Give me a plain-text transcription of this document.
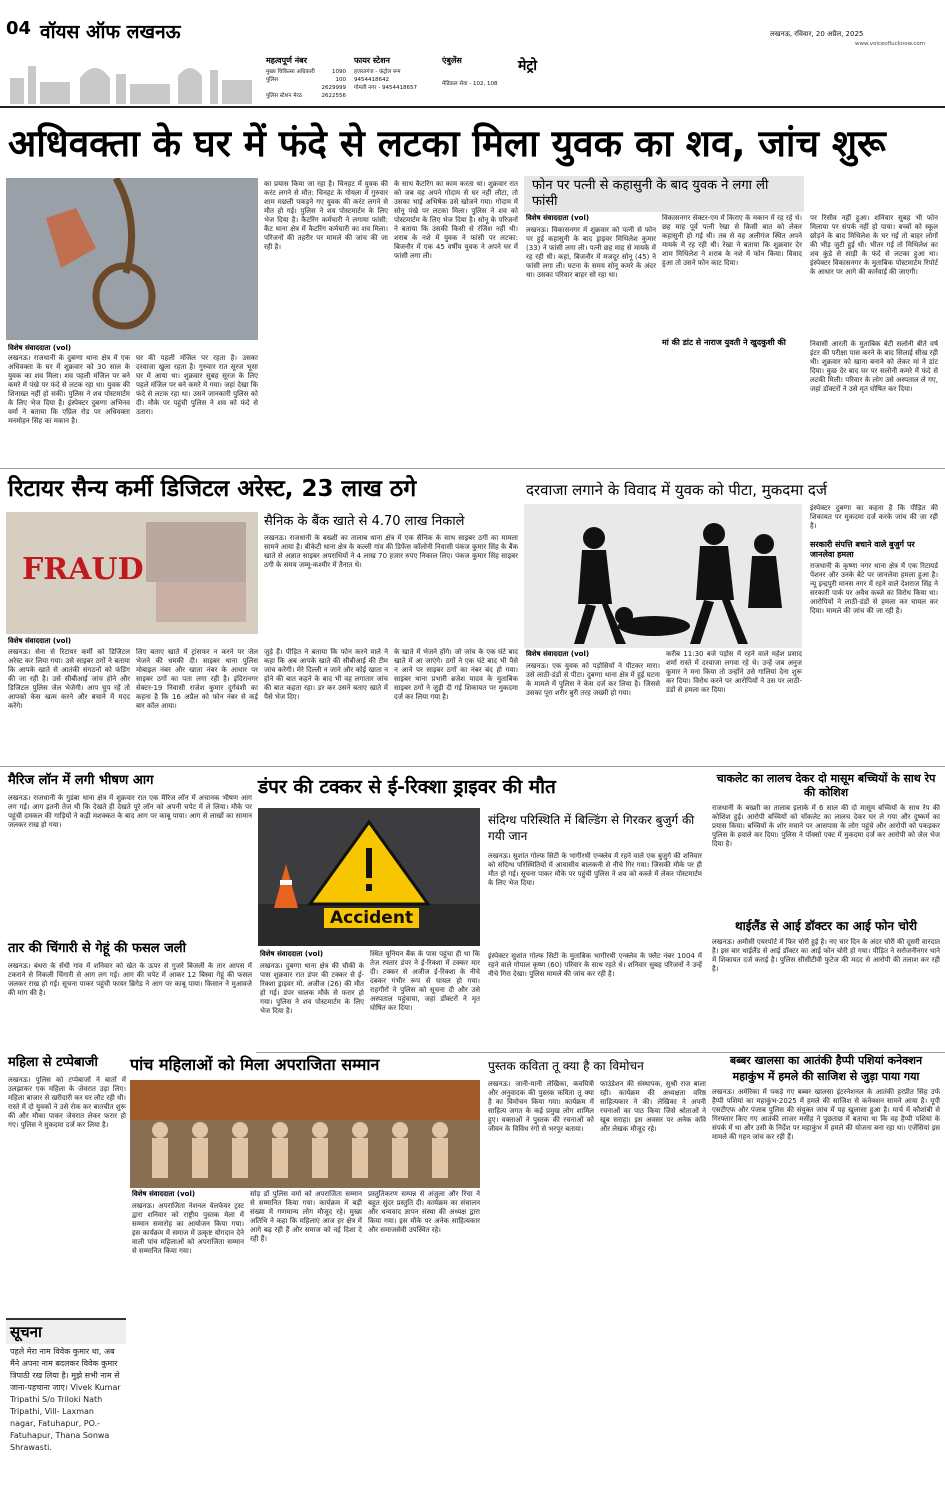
04 वॉयस ऑफ लखनऊ
महत्वपूर्ण नंबर
मुख्य चिकित्सा अधिकारी	1090
पुलिस	100
2629999
पुलिस स्टेशन मेरठ	2622556
फायर स्टेशन
हजरतगंज - कंट्रोल रूम
9454418642
गोमती नगर - 9454418657
एंबुलेंस
मेडिकल सेवा - 102, 108
मेट्रो
लखनऊ, रविवार, 20 अप्रैल, 2025
www.voiceoflucknow.com
अधिवक्ता के घर में फंदे से लटका मिला युवक का शव, जांच शुरू
विशेष संवाददाता (vol)
लखनऊ। राजधानी के दुबग्गा थाना क्षेत्र में एक अधिवक्ता के घर में शुक्रवार को 30 साल के युवक का शव मिला। शव पहली मंजिल पर बने कमरे में पंखे पर फंदे से लटक रहा था। युवक की शिनाख्त नहीं हो सकी। पुलिस ने शव पोस्टमार्टम के लिए भेज दिया है। इंस्पेक्टर दुबग्गा अभिनव वर्मा ने बताया कि एप्रिल रोड पर अधिवक्ता मनमोहन सिंह का मकान है।
घर की पहली मंजिल पर रहता है। उसका दरवाजा खुला रहता है। गुरुवार रात सूरज भूसा घर में आया था। शुक्रवार सुबह सूरज के लिए पहले मंजिल पर बने कमरे में गया। जहां देखा कि फंदे से लटक रहा था। उसने जानकारी पुलिस को दी। मौके पर पहुंची पुलिस ने शव को फंदे से उतारा।
का प्रयास किया जा रहा है। चिनहट में युवक की करंट लगने से मौत: चिनहट के गोयला में गुरुवार शाम मछली पकड़ने गए युवक की करंट लगने से मौत हो गई। पुलिस ने शव पोस्टमार्टम के लिए भेज दिया है। कैटरिंग कर्मचारी ने लगाया फांसी: कैंट थाना क्षेत्र में कैटरिंग कर्मचारी का शव मिला। परिजनों की तहरीर पर मामले की जांच की जा रही है।
के साथ कैटरिंग का काम करता था। शुक्रवार रात को जब वह अपने गोदाम से घर नहीं लौटा, तो उसका भाई अभिषेक उसे खोजने गया। गोदाम में सोनू पंखे पर लटका मिला। पुलिस ने शव को पोस्टमार्टम के लिए भेज दिया है। सोनू के परिजनों ने बताया कि उसकी किसी से रंजिश नहीं थी। शराब के नशे में युवक ने फांसी पर लटका: बिजनौर में एक 45 वर्षीय युवक ने अपने घर में फांसी लगा ली।
फोन पर पत्नी से कहासुनी के बाद युवक ने लगा ली फांसी
विशेष संवाददाता (vol)
लखनऊ। विकासनगर में शुक्रवार को पत्नी से फोन पर हुई कहासुनी के बाद ड्राइवर मिथिलेश कुमार (33) ने फांसी लगा ली। पत्नी छह माह से मायके में रह रही थी। कहां, बिजनौर में मजदूर सोनू (45) ने फांसी लगा ली। घटना के समय सोनू कमरे के अंदर था। उसका परिवार बाहर सो रहा था।
विकासनगर सेक्टर-एम में किराए के मकान में रह रहे थे। छह माह पूर्व पत्नी रेखा से किसी बात को लेकर कहासुनी हो गई थी। तब से वह अलीगंज स्थित अपने मायके में रह रही थी। रेखा ने बताया कि शुक्रवार देर शाम मिथिलेश ने शराब के नशे में फोन किया। विवाद हुआ तो उसने फोन काट दिया।
मां की डांट से नाराज युवती ने खुदकुशी की
पर रिसीव नहीं हुआ। शनिवार सुबह भी फोन मिलाया पर संपर्क नहीं हो पाया। बच्चों को स्कूल छोड़ने के बाद मिथिलेश के घर गई तो बाहर लोगों की भीड़ जुटी हुई थी। भीतर गई तो मिथिलेश का शव कुंडे से साड़ी के फंदे से लटका हुआ था। इंस्पेक्टर विकासनगर के मुताबिक पोस्टमार्टम रिपोर्ट के आधार पर आगे की कार्रवाई की जाएगी।
निवासी आरती के मुताबिक बेटी सलोनी बीते वर्ष इंटर की परीक्षा पास करने के बाद सिलाई सीख रही थी। शुक्रवार को खाना बनाने को लेकर मां ने डांट दिया। कुछ देर बाद घर पर सलोनी कमरे में फंदे से लटकी मिली। परिवार के लोग उसे अस्पताल ले गए, जहां डॉक्टरों ने उसे मृत घोषित कर दिया।
रिटायर सैन्य कर्मी डिजिटल अरेस्ट, 23 लाख ठगे
FRAUD
विशेष संवाददाता (vol)
सैनिक के बैंक खाते से 4.70 लाख निकाले
लखनऊ। राजधानी के बख्शी का तालाब थाना क्षेत्र में एक सैनिक के साथ साइबर ठगी का मामला सामने आया है। बीकेटी थाना क्षेत्र के कल्ली गांव की डिफेंस कॉलोनी निवासी पंकज कुमार सिंह के बैंक खाते से अज्ञात साइबर अपराधियों ने 4 लाख 70 हजार रुपए निकाल लिए। पंकज कुमार सिंह साइबर ठगी के समय जम्मू-कश्मीर में तैनात थे।
लखनऊ। सेना से रिटायर कर्मी को डिजिटल अरेस्ट कर लिया गया। उसे साइबर ठगों ने बताया कि आपके खाते से आतंकी संगठनों को फंडिंग की जा रही है। उसे सीबीआई जांच होने और डिजिटल पुलिस जेल भेजेगी। आप चुप रहें तो आपको केस खत्म करने और बचाने में मदद करेंगे।
लिए बताए खाते में ट्रांसफर न करने पर जेल भेजने की धमकी दी। साइबर थाना पुलिस मोबाइल नंबर और खाता नंबर के आधार पर साइबर ठगों का पता लगा रही है। इंदिरानगर सेक्टर-19 निवासी राजेश कुमार दुर्गवंशी का कहना है कि 16 अप्रैल को फोन नंबर से कई बार कॉल आया।
जुड़े हैं। पीड़ित ने बताया कि फोन करने वाले ने कहा कि अब आपके खाते की सीबीआई की टीम जांच करेगी। मेरे दिल्ली न जाने और कोई खाता न होने की बात कहने के बाद भी वह लगातार जांच की बात कहता रहा। डर कर उसने बताए खाते में पैसे भेज दिए।
के खाते में भेजने होंगे। जो जांच के एक घंटे बाद खाते में आ जाएंगे। ठगों ने एक घंटे बाद भी पैसे न आने पर साइबर ठगों का नंबर बंद हो गया। साइबर थाना प्रभारी ब्रजेश यादव के मुताबिक साइबर ठगों ने जुड़ी दी गई शिकायत पर मुकदमा दर्ज कर लिया गया है।
दरवाजा लगाने के विवाद में युवक को पीटा, मुकदमा दर्ज
विशेष संवाददाता (vol)
लखनऊ। एक युवक को पड़ोसियों ने पीटकर मारा। उसे लाठी-डंडों से पीटा। दुबग्गा थाना क्षेत्र में हुई घटना के मामले में पुलिस ने केस दर्ज कर लिया है। जिससे उसका पूरा शरीर बुरी तरह जख्मी हो गया।
करीब 11:30 बजे पड़ोस में रहने वाले महेश प्रसाद शर्मा रास्ते में दरवाजा लगवा रहे थे। उन्हें जब अनुज कुमार ने मना किया तो उन्होंने उसे गालियां देना शुरू कर दिया। विरोध करने पर आरोपियों ने उस पर लाठी-डंडों से हमला कर दिया।
इंस्पेक्टर दुबग्गा का कहना है कि पीड़ित की शिकायत पर मुकदमा दर्ज करके जांच की जा रही है।
सरकारी संपत्ति बचाने वाले बुजुर्ग पर जानलेवा हमला
राजधानी के कृष्णा नगर थाना क्षेत्र में एक रिटायर्ड पेंशनर और उनके बेटे पर जानलेवा हमला हुआ है। न्यू इन्द्रपुरी मानस नगर में रहने वाले देशराज सिंह ने सरकारी पार्क पर अवैध कब्जे का विरोध किया था। आरोपियों ने लाठी-डंडों से हमला कर घायल कर दिया। मामले की जांच की जा रही है।
मैरिज लॉन में लगी भीषण आग
लखनऊ। राजधानी के गुडंबा थाना क्षेत्र में शुक्रवार रात एक मैरिज लॉन में अचानक भीषण आग लग गई। आग इतनी तेज थी कि देखते ही देखते पूरे लॉन को अपनी चपेट में ले लिया। मौके पर पहुंची दमकल की गाड़ियों ने कड़ी मशक्कत के बाद आग पर काबू पाया। आग से लाखों का सामान जलकर राख हो गया।
तार की चिंगारी से गेहूं की फसल जली
लखनऊ। बंथरा के सेंधी गांव में शनिवार को खेत के ऊपर से गुजरे बिजली के तार आपस में टकराने से निकली चिंगारी से आग लग गई। आग की चपेट में आकर 12 बिस्वा गेहूं की फसल जलकर राख हो गई। सूचना पाकर पहुंची फायर ब्रिगेड ने आग पर काबू पाया। किसान ने मुआवजे की मांग की है।
महिला से टप्पेबाजी
लखनऊ। पुलिस को टप्पेबाजों ने बातों में उलझाकर एक महिला के जेवरात उड़ा लिए। महिला बाजार से खरीदारी कर घर लौट रही थी। रास्ते में दो युवकों ने उसे रोक कर बातचीत शुरू की और मौका पाकर जेवरात लेकर फरार हो गए। पुलिस ने मुकदमा दर्ज कर लिया है।
सूचना
पहले मेरा नाम विवेक कुमार था, अब मैंने अपना नाम बदलकर विवेक कुमार त्रिपाठी रख लिया है। मुझे सभी नाम से जाना-पहचाना जाए। Vivek Kumar Tripathi S/o Triloki Nath Tripathi, Vill- Laxman nagar, Fatuhapur, PO.-Fatuhapur, Thana Sonwa Shrawasti.
डंपर की टक्कर से ई-रिक्शा ड्राइवर की मौत
Accident
विशेष संवाददाता (vol)
लखनऊ। दुबग्गा थाना क्षेत्र की चौकी के पास शुक्रवार रात डंपर की टक्कर से ई-रिक्शा ड्राइवर मो. अजीज (26) की मौत हो गई। डंपर चालक मौके से फरार हो गया। पुलिस ने शव पोस्टमार्टम के लिए भेज दिया है।
स्थित यूनियन बैंक के पास पहुंचा ही था कि तेज रफ्तार डंपर ने ई-रिक्शा में टक्कर मार दी। टक्कर से अजीज ई-रिक्शा के नीचे दबकर गंभीर रूप से घायल हो गया। राहगीरों ने पुलिस को सूचना दी और उसे अस्पताल पहुंचाया, जहां डॉक्टरों ने मृत घोषित कर दिया।
संदिग्ध परिस्थिति में बिल्डिंग से गिरकर बुजुर्ग की गयी जान
लखनऊ। सुशांत गोल्फ सिटी के भागीरथी एन्क्लेव में रहने वाले एक बुजुर्ग की शनिवार को संदिग्ध परिस्थितियों में आवासीय बालकनी से नीचे गिर गया। जिसकी मौके पर ही मौत हो गई। सूचना पाकर मौके पर पहुंची पुलिस ने शव को कब्जे में लेकर पोस्टमार्टम के लिए भेज दिया।
इंस्पेक्टर सुशांत गोल्फ सिटी के मुताबिक भागीरथी एन्क्लेव के फ्लैट नंबर 1004 में रहने वाले गोपाल कृष्ण (60) परिवार के साथ रहते थे। शनिवार सुबह परिजनों ने उन्हें नीचे गिरा देखा। पुलिस मामले की जांच कर रही है।
चाकलेट का लालच देकर दो मासूम बच्चियों के साथ रेप की कोशिश
राजधानी के बख्शी का तालाब इलाके में 6 साल की दो मासूम बच्चियों के साथ रेप की कोशिश हुई। आरोपी बच्चियों को चॉकलेट का लालच देकर घर ले गया और दुष्कर्म का प्रयास किया। बच्चियों के शोर मचाने पर आसपास के लोग पहुंचे और आरोपी को पकड़कर पुलिस के हवाले कर दिया। पुलिस ने पॉक्सो एक्ट में मुकदमा दर्ज कर आरोपी को जेल भेज दिया है।
थाईलैंड से आई डॉक्टर का आई फोन चोरी
लखनऊ। अमौसी एयरपोर्ट में फिर चोरी हुई है। नए चार दिन के अंदर चोरी की दूसरी वारदात है। इस बार थाईलैंड से आई डॉक्टर का आई फोन चोरी हो गया। पीड़ित ने सरोजनीनगर थाने में शिकायत दर्ज कराई है। पुलिस सीसीटीवी फुटेज की मदद से आरोपी की तलाश कर रही है।
पांच महिलाओं को मिला अपराजिता सम्मान
विशेष संवाददाता (vol)
लखनऊ। अपराजिता नेशनल वेलफेयर ट्रस्ट द्वारा शनिवार को राष्ट्रीय पुस्तक मेला में सम्मान समारोह का आयोजन किया गया। इस कार्यक्रम में समाज में उत्कृष्ट योगदान देने वाली पांच महिलाओं को अपराजिता सम्मान से सम्मानित किया गया।
सोड़ डॉ पुलिस वर्मा को अपराजिता सम्मान से सम्मानित किया गया। कार्यक्रम में बड़ी संख्या में गणमान्य लोग मौजूद रहे। मुख्य अतिथि ने कहा कि महिलाएं आज हर क्षेत्र में आगे बढ़ रही हैं और समाज को नई दिशा दे रही हैं।
प्रस्तुतिकरण सम्पन्न से अंजुला और रिचा ने बहुत सुंदर प्रस्तुति दी। कार्यक्रम का संचालन और धन्यवाद ज्ञापन संस्था की अध्यक्ष द्वारा किया गया। इस मौके पर अनेक साहित्यकार और समाजसेवी उपस्थित रहे।
पुस्तक कविता तू क्या है का विमोचन
लखनऊ। जानी-मानी लेखिका, कवयित्री और अनुवादक की पुस्तक कविता तू क्या है का विमोचन किया गया। कार्यक्रम में साहित्य जगत के कई प्रमुख लोग शामिल हुए। वक्ताओं ने पुस्तक की रचनाओं को जीवन के विविध रंगों से भरपूर बताया।
फाउंडेशन की संस्थापक, सुश्री राज बाला रही। कार्यक्रम की अध्यक्षता वरिष्ठ साहित्यकार ने की। लेखिका ने अपनी रचनाओं का पाठ किया जिसे श्रोताओं ने खूब सराहा। इस अवसर पर अनेक कवि और लेखक मौजूद रहे।
बब्बर खालसा का आतंकी हैप्पी पशियां कनेक्शन
महाकुंभ में हमले की साजिश से जुड़ा पाया गया
लखनऊ। अमेरिका में पकड़े गए बब्बर खालसा इंटरनेशनल के आतंकी हरप्रीत सिंह उर्फ हैप्पी पशियां का महाकुंभ-2025 में हमले की साजिश से कनेक्शन सामने आया है। यूपी एसटीएफ और पंजाब पुलिस की संयुक्त जांच में यह खुलासा हुआ है। मार्च में कौशांबी से गिरफ्तार किए गए आतंकी लाजर मसीह ने पूछताछ में बताया था कि वह हैप्पी पशियां के संपर्क में था और उसी के निर्देश पर महाकुंभ में हमले की योजना बना रहा था। एजेंसियां इस मामले की गहन जांच कर रही हैं।
